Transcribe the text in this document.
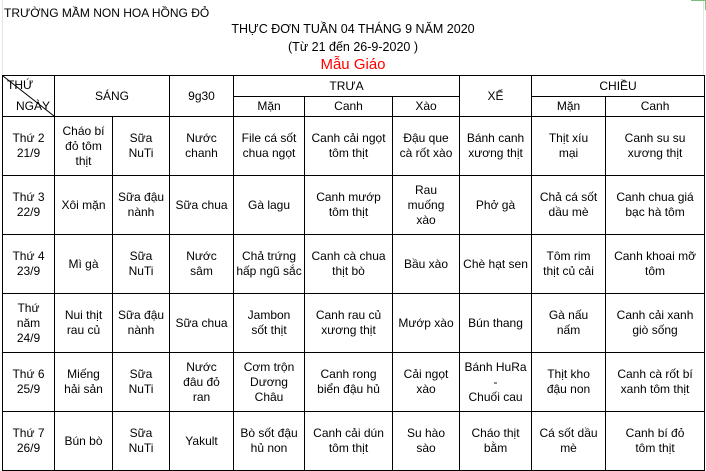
TRƯỜNG MẦM NON HOA HỒNG ĐỎ
THỰC ĐƠN TUẦN 04 THÁNG 9 NĂM 2020
(Từ 21 đến 26-9-2020 )
Mẫu Giáo
THỨ
NGÀY	SÁNG		9g30	TRƯA			XẾ	CHIỀU	
				Mặn	Canh	Xào		Mặn	Canh
Thứ 2
21/9	Cháo bí
đỏ tôm
thịt	Sữa
NuTi	Nước
chanh	File cá sốt
chua ngọt	Canh cải ngọt
tôm thịt	Đậu que
cà rốt xào	Bánh canh
xương thịt	Thịt xíu
mại	Canh su su
xương thịt
Thứ 3
22/9	Xôi mặn	Sữa đậu
nành	Sữa chua	Gà lagu	Canh mướp
tôm thịt	Rau
muống
xào	Phở gà	Chả cá sốt
dầu mè	Canh chua giá
bạc hà tôm
Thứ 4
23/9	Mì gà	Sữa
NuTi	Nước
sâm	Chả trứng
hấp ngũ sắc	Canh cà chua
thịt bò	Bầu xào	Chè hạt sen	Tôm rim
thịt củ cải	Canh khoai mỡ
tôm
Thứ
năm
24/9	Nui thịt
rau củ	Sữa đậu
nành	Sữa chua	Jambon
sốt thịt	Canh rau củ
xương thịt	Mướp xào	Bún thang	Gà nấu
nấm	Canh cải xanh
giò sống
Thứ 6
25/9	Miếng
hải sản	Sữa
NuTi	Nước
đâu đỏ
ran	Cơm trộn
Dương
Châu	Canh rong
biển đậu hủ	Cải ngọt
xào	Bánh HuRa -
Chuối cau	Thịt kho
đậu non	Canh cà rốt bí
xanh tôm thịt
Thứ 7
26/9	Bún bò	Sữa
NuTi	Yakult	Bò sốt đậu
hủ non	Canh cải dún
tôm thịt	Su hào
sào	Cháo thịt
bằm	Cá sốt dầu
mè	Canh bí đỏ
tôm thịt
